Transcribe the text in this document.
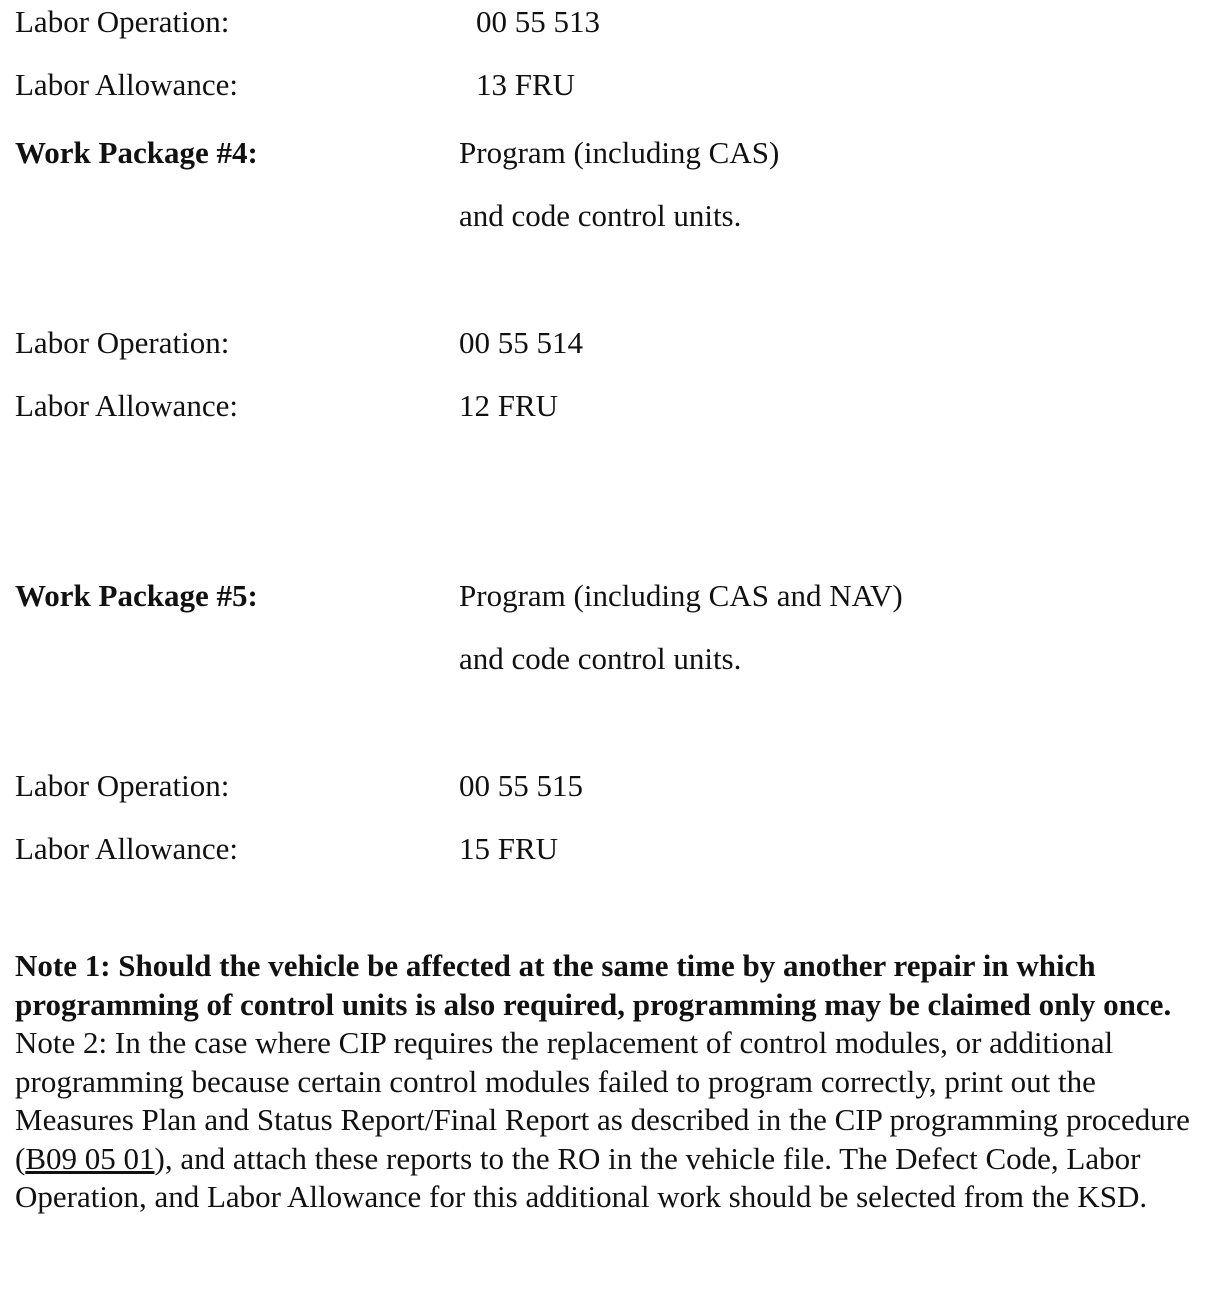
Labor Operation:	00 55 513
Labor Allowance:	13 FRU
Work Package #4:	Program (including CAS)
and code control units.
Labor Operation:	00 55 514
Labor Allowance:	12 FRU
Work Package #5:	Program (including CAS and NAV)
and code control units.
Labor Operation:	00 55 515
Labor Allowance:	15 FRU

Note 1: Should the vehicle be affected at the same time by another repair in which programming of control units is also required, programming may be claimed only once.

Note 2: In the case where CIP requires the replacement of control modules, or additional programming because certain control modules failed to program correctly, print out the Measures Plan and Status Report/Final Report as described in the CIP programming procedure (B09 05 01), and attach these reports to the RO in the vehicle file. The Defect Code, Labor Operation, and Labor Allowance for this additional work should be selected from the KSD.
